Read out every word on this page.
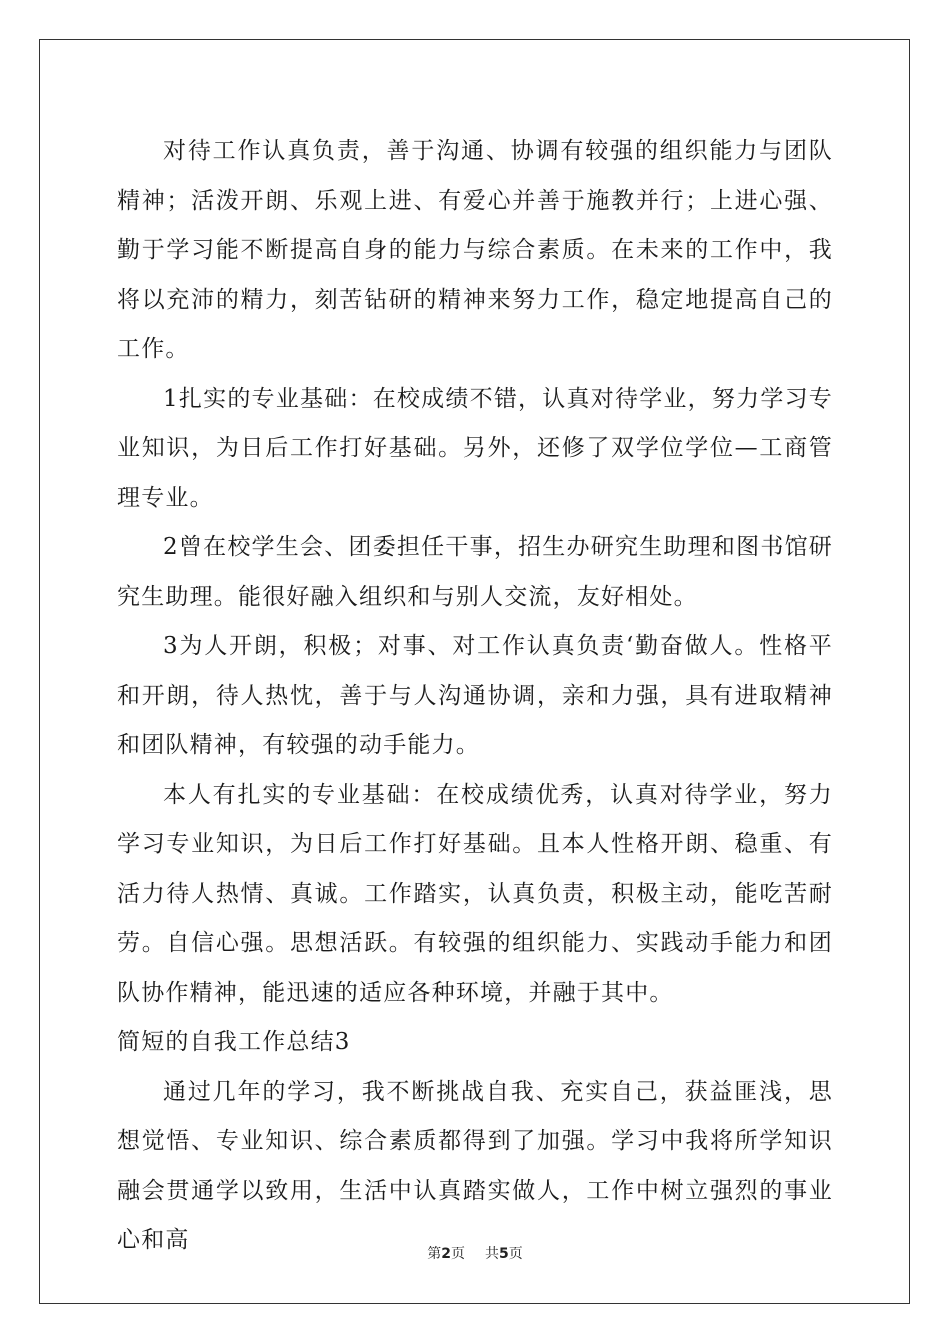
对待工作认真负责，善于沟通、协调有较强的组织能力与团队精神；活泼开朗、乐观上进、有爱心并善于施教并行；上进心强、勤于学习能不断提高自身的能力与综合素质。在未来的工作中，我将以充沛的精力，刻苦钻研的精神来努力工作，稳定地提高自己的工作。

1扎实的专业基础：在校成绩不错，认真对待学业，努力学习专业知识，为日后工作打好基础。另外，还修了双学位学位—工商管理专业。

2曾在校学生会、团委担任干事，招生办研究生助理和图书馆研究生助理。能很好融入组织和与别人交流，友好相处。

3为人开朗，积极；对事、对工作认真负责‘勤奋做人。性格平和开朗，待人热忱，善于与人沟通协调，亲和力强，具有进取精神和团队精神，有较强的动手能力。

本人有扎实的专业基础：在校成绩优秀，认真对待学业，努力学习专业知识，为日后工作打好基础。且本人性格开朗、稳重、有活力待人热情、真诚。工作踏实，认真负责，积极主动，能吃苦耐劳。自信心强。思想活跃。有较强的组织能力、实践动手能力和团队协作精神，能迅速的适应各种环境，并融于其中。

简短的自我工作总结3

通过几年的学习，我不断挑战自我、充实自己，获益匪浅，思想觉悟、专业知识、综合素质都得到了加强。学习中我将所学知识融会贯通学以致用，生活中认真踏实做人，工作中树立强烈的事业心和高

第2页 共5页
